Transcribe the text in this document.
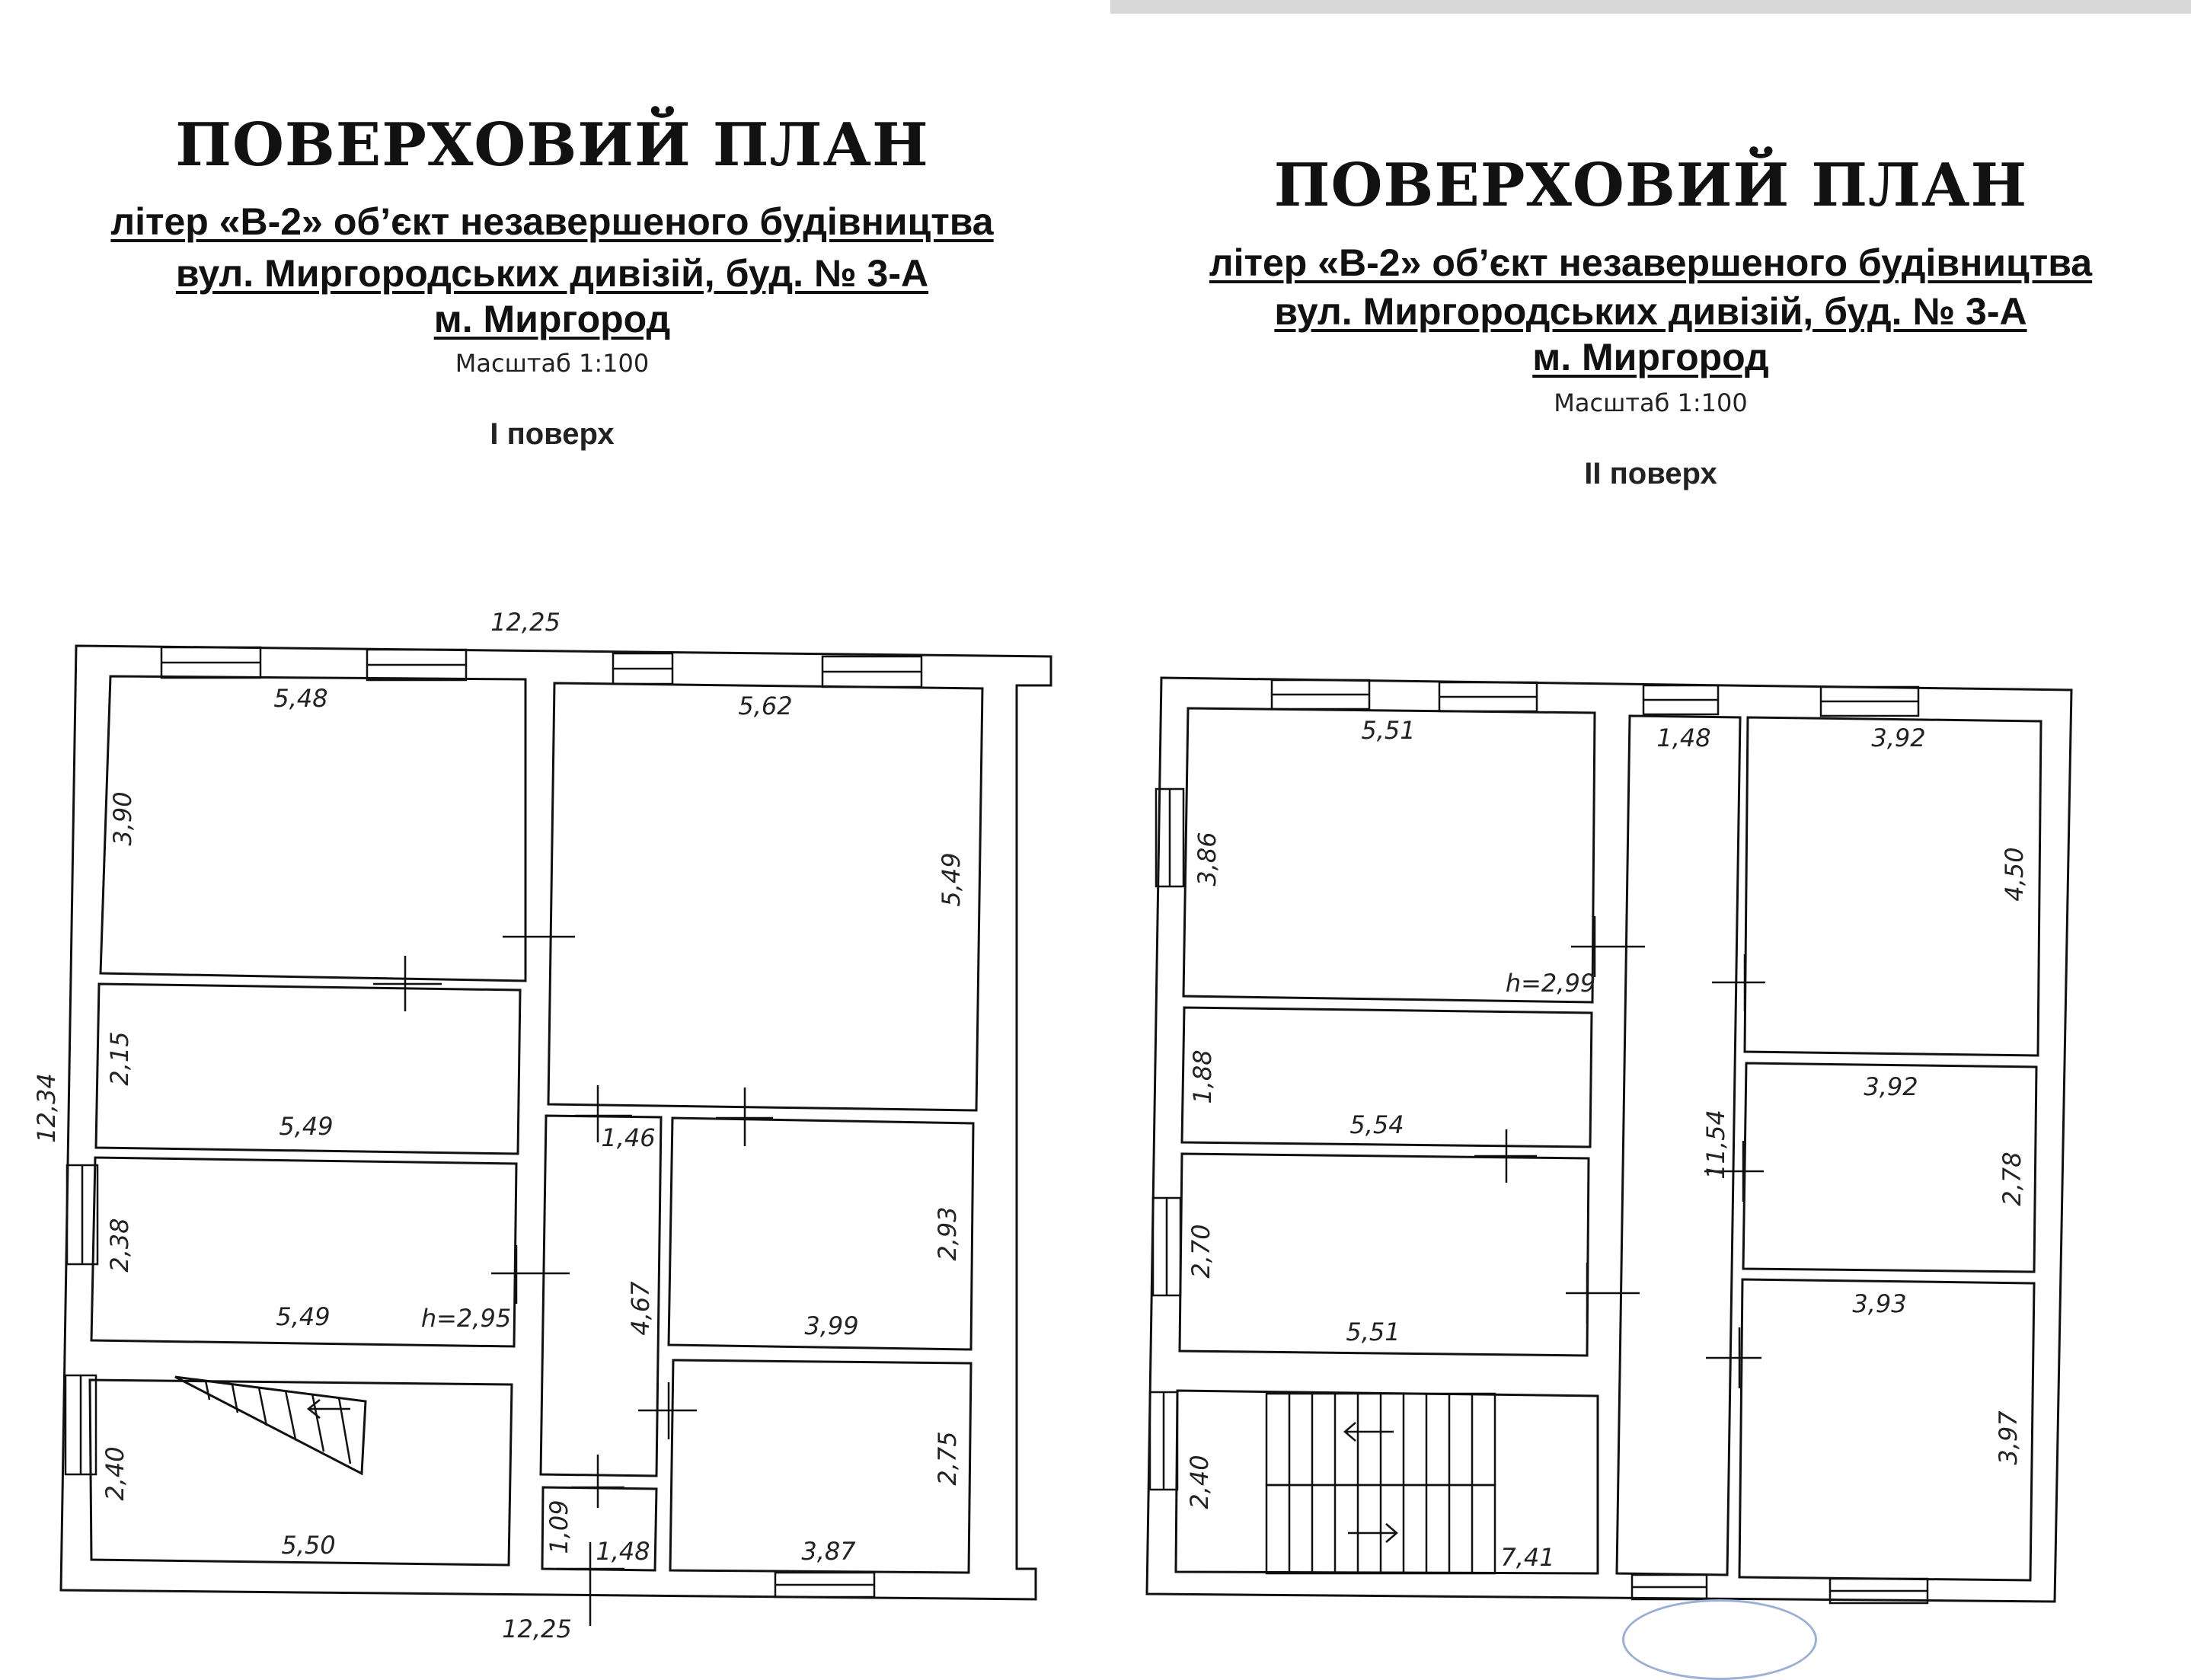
ПОВЕРХОВИЙ ПЛАН
літер «В-2» об’єкт незавершеного будівництва
вул. Миргородських дивізій, буд. № 3-А
м. Миргород
Масштаб 1:100
I поверх
12,25
12,25
12,34
5,48
3,90
5,62
5,49
2,15
5,49
2,38
5,49	h=2,95
1,46
4,67
2,93
3,99
2,75
3,87
2,40
5,50	1,09 1,48
ПОВЕРХОВИЙ ПЛАН
літер «В-2» об’єкт незавершеного будівництва
вул. Миргородських дивізій, буд. № 3-А
м. Миргород
Масштаб 1:100
II поверх
5,51
3,86
h=2,99
1,88
5,54
2,70
5,51
2,40
1,48
11,54
7,41
3,92
4,50
3,92
2,78
3,93
3,97
